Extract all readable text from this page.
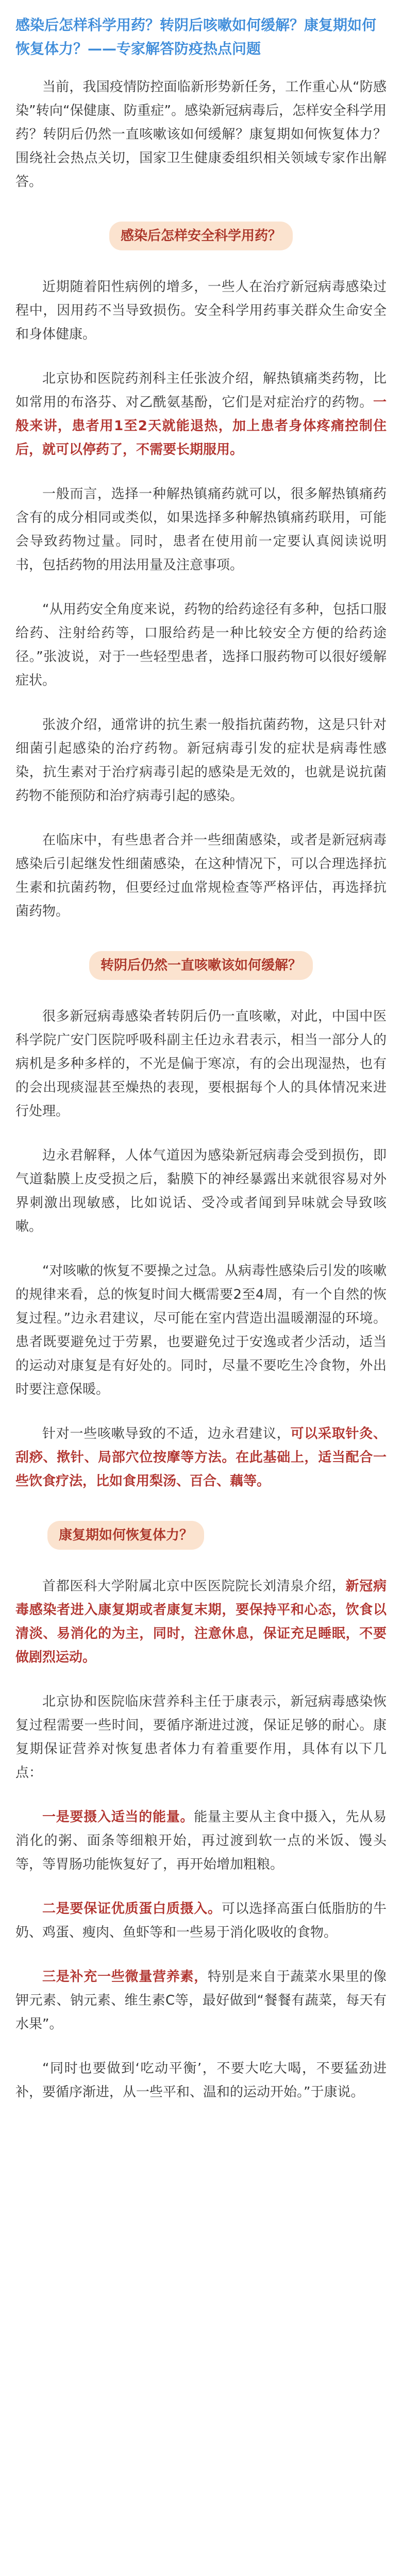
感染后怎样科学用药？转阴后咳嗽如何缓解？康复期如何恢复体力？——专家解答防疫热点问题

当前，我国疫情防控面临新形势新任务，工作重心从“防感染”转向“保健康、防重症”。感染新冠病毒后，怎样安全科学用药？转阴后仍然一直咳嗽该如何缓解？康复期如何恢复体力？围绕社会热点关切，国家卫生健康委组织相关领域专家作出解答。

感染后怎样安全科学用药？

近期随着阳性病例的增多，一些人在治疗新冠病毒感染过程中，因用药不当导致损伤。安全科学用药事关群众生命安全和身体健康。

北京协和医院药剂科主任张波介绍，解热镇痛类药物，比如常用的布洛芬、对乙酰氨基酚，它们是对症治疗的药物。一般来讲，患者用1至2天就能退热，加上患者身体疼痛控制住后，就可以停药了，不需要长期服用。

一般而言，选择一种解热镇痛药就可以，很多解热镇痛药含有的成分相同或类似，如果选择多种解热镇痛药联用，可能会导致药物过量。同时，患者在使用前一定要认真阅读说明书，包括药物的用法用量及注意事项。

“从用药安全角度来说，药物的给药途径有多种，包括口服给药、注射给药等，口服给药是一种比较安全方便的给药途径。”张波说，对于一些轻型患者，选择口服药物可以很好缓解症状。

张波介绍，通常讲的抗生素一般指抗菌药物，这是只针对细菌引起感染的治疗药物。新冠病毒引发的症状是病毒性感染，抗生素对于治疗病毒引起的感染是无效的，也就是说抗菌药物不能预防和治疗病毒引起的感染。

在临床中，有些患者合并一些细菌感染，或者是新冠病毒感染后引起继发性细菌感染，在这种情况下，可以合理选择抗生素和抗菌药物，但要经过血常规检查等严格评估，再选择抗菌药物。

转阴后仍然一直咳嗽该如何缓解？

很多新冠病毒感染者转阴后仍一直咳嗽，对此，中国中医科学院广安门医院呼吸科副主任边永君表示，相当一部分人的病机是多种多样的，不光是偏于寒凉，有的会出现湿热，也有的会出现痰湿甚至燥热的表现，要根据每个人的具体情况来进行处理。

边永君解释，人体气道因为感染新冠病毒会受到损伤，即气道黏膜上皮受损之后，黏膜下的神经暴露出来就很容易对外界刺激出现敏感，比如说话、受冷或者闻到异味就会导致咳嗽。

“对咳嗽的恢复不要操之过急。从病毒性感染后引发的咳嗽的规律来看，总的恢复时间大概需要2至4周，有一个自然的恢复过程。”边永君建议，尽可能在室内营造出温暖潮湿的环境。患者既要避免过于劳累，也要避免过于安逸或者少活动，适当的运动对康复是有好处的。同时，尽量不要吃生冷食物，外出时要注意保暖。

针对一些咳嗽导致的不适，边永君建议，可以采取针灸、刮痧、揿针、局部穴位按摩等方法。在此基础上，适当配合一些饮食疗法，比如食用梨汤、百合、藕等。

康复期如何恢复体力？

首都医科大学附属北京中医医院院长刘清泉介绍，新冠病毒感染者进入康复期或者康复末期，要保持平和心态，饮食以清淡、易消化的为主，同时，注意休息，保证充足睡眠，不要做剧烈运动。

北京协和医院临床营养科主任于康表示，新冠病毒感染恢复过程需要一些时间，要循序渐进过渡，保证足够的耐心。康复期保证营养对恢复患者体力有着重要作用，具体有以下几点：

一是要摄入适当的能量。能量主要从主食中摄入，先从易消化的粥、面条等细粮开始，再过渡到软一点的米饭、馒头等，等胃肠功能恢复好了，再开始增加粗粮。

二是要保证优质蛋白质摄入。可以选择高蛋白低脂肪的牛奶、鸡蛋、瘦肉、鱼虾等和一些易于消化吸收的食物。

三是补充一些微量营养素，特别是来自于蔬菜水果里的像钾元素、钠元素、维生素C等，最好做到“餐餐有蔬菜，每天有水果”。

“同时也要做到‘吃动平衡’，不要大吃大喝，不要猛劲进补，要循序渐进，从一些平和、温和的运动开始。”于康说。
